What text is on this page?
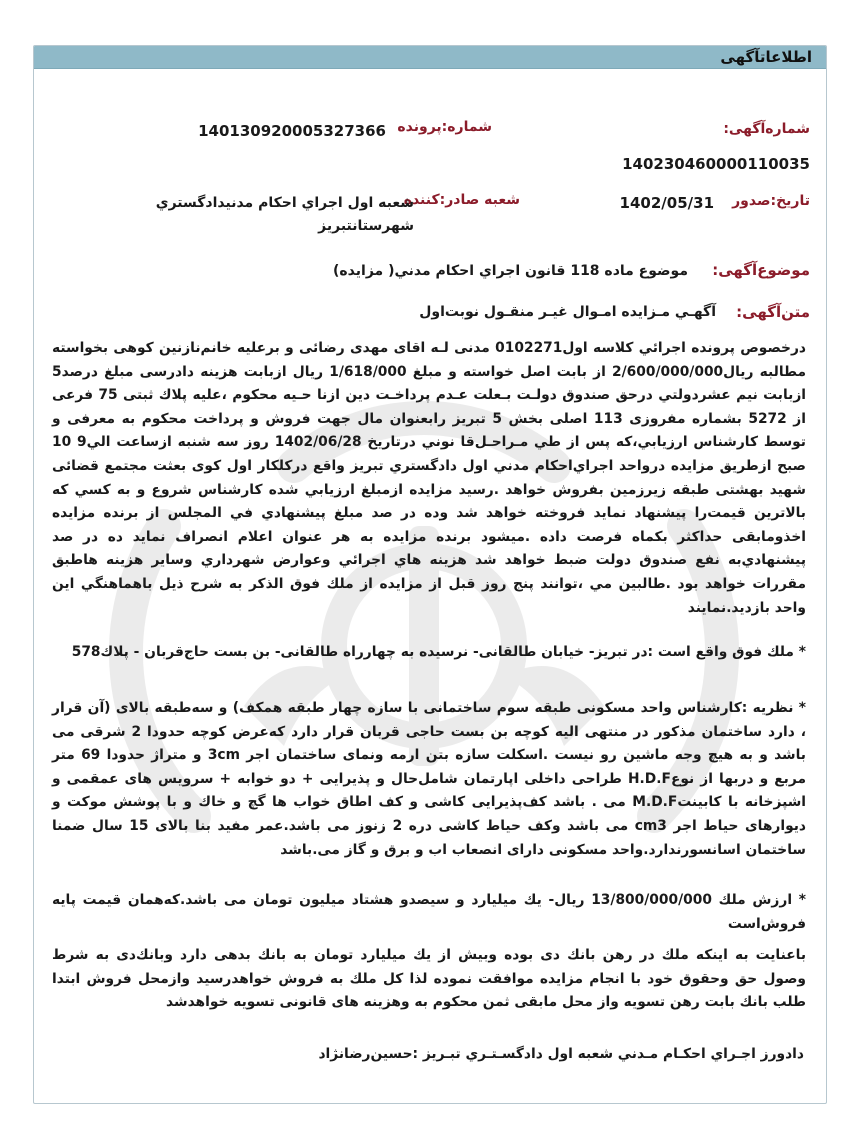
اطلاعاتآگهی
شماره‌آگهی:
140230460000110035
تاریخ:صدور
1402/05/31
شماره:پرونده
14013092000532736‌6
شعبه صادر:کننده
شعبه اول اجراي احكام مدنيدادگستري
شهرستانتبريز
موضوع‌آگهی:
موضوع ماده 118 قانون اجراي احكام مدني( مزايده)
متن‌آگهی:
آگهـي مـزايده امـوال غيـر منقـول نوبت‌اول
درخصوص پرونده اجرائي كلاسه اول0102271 مدنی لـه اقای مهدی رضائی و برعليه خانم‌نازنين كوهی بخواسته مطالبه ريال2/600/000/000 از بابت اصل خواسته و مبلغ 1/618/000 ريال ازبابت هزينه دادرسی مبلغ درصد5 ازبابت نيم عشردولتي درحق صندوق دولـت بـعلت عـدم پرداخـت دين ازنا حـيه محكوم ،عليه پلاك ثبتی 75 فرعی از 5272 بشماره مفروزی 113 اصلی بخش 5 تبريز رابعنوان مال جهت فروش و پرداخت محكوم به معرفی و توسط كارشناس ارزيابي،كه پس از طي مـراحـل‌قا نوني درتاريخ 1402/06/28 روز سه شنبه ازساعت الي9 10 صبح ازطريق مزايده درواحد اجراي‌احكام مدني اول دادگستري تبريز واقع دركلكار اول كوی بعثت مجتمع قضائی شهيد بهشتی طبقه زيرزمين بفروش خواهد .رسيد مزايده ازمبلغ ارزيابي شده كارشناس شروع و به كسي كه بالاترين قيمت‌را پيشنهاد نمايد فروخته خواهد شد وده در صد مبلغ پيشنهادي في المجلس از برنده مزايده اخذومابقی حداكثر بكماه فرصت داده .ميشود برنده مزايده به هر عنوان اعلام انصراف نمايد ده در صد پيشنهادي‌به نفع صندوق دولت ضبط خواهد شد هزينه هاي اجرائي وعوارض شهرداري وساير هزينه هاطبق مقررات خواهد بود .طالبين مي ،توانند پنج روز قبل از مزايده از ملك فوق الذكر به شرح ذيل باهماهنگي اين واحد بازديد.نمايند
* ملك فوق واقع است :در تبريز- خيابان طالقانی- نرسيده به چهارراه طالقانی- بن بست حاج‌قربان - پلاك578
* نظريه :كارشناس واحد مسكونی طبقه سوم ساختمانی با سازه چهار طبقه همكف) و سه‌طبقه بالای (آن قرار ، دارد ساختمان مذكور در منتهی اليه كوچه بن بست حاجی قربان قرار دارد كه‌عرض كوچه حدودا 2 شرقی می باشد و به هيچ وجه ماشين رو نيست .اسكلت سازه بتن ارمه ونمای ساختمان اجر 3cm و متراژ حدودا 69 متر مربع و دربها از نوعH.D.F طراحی داخلی اپارتمان شامل‌حال و پذيرايی + دو خوابه + سرويس های عمقمی و اشپزخانه با كابينتM.D.F می . باشد كف‌پذيرايی كاشی و كف اطاق خواب ها گچ و خاك و با پوشش موكت و ديوارهای حياط اجر cm3 می باشد وكف حياط كاشی دره 2 زنوز می باشد.عمر مفيد بنا بالای 15 سال ضمنا ساختمان اسانسورندارد.واحد مسكونی دارای انصعاب اب و برق و گاز می.باشد
* ارزش ملك 13/800/000/000 ريال- يك ميليارد و سيصدو هشتاد ميليون تومان می باشد.كه‌همان قيمت پايه فروش‌است
باعنايت به اينكه ملك در رهن بانك دی بوده وبيش از يك ميليارد تومان به بانك بدهی دارد وبانك‌دی به شرط وصول حق وحقوق خود با انجام مزايده موافقت نموده لذا كل ملك به فروش خواهدرسيد وازمحل فروش ابتدا طلب بانك بابت رهن تسويه واز محل مابقی ثمن محكوم به وهزينه های قانونی تسويه خواهدشد
دادورز اجـراي احكـام مـدني شعبه اول دادگسـتـري تبـريز :حسين‌رضانژاد
